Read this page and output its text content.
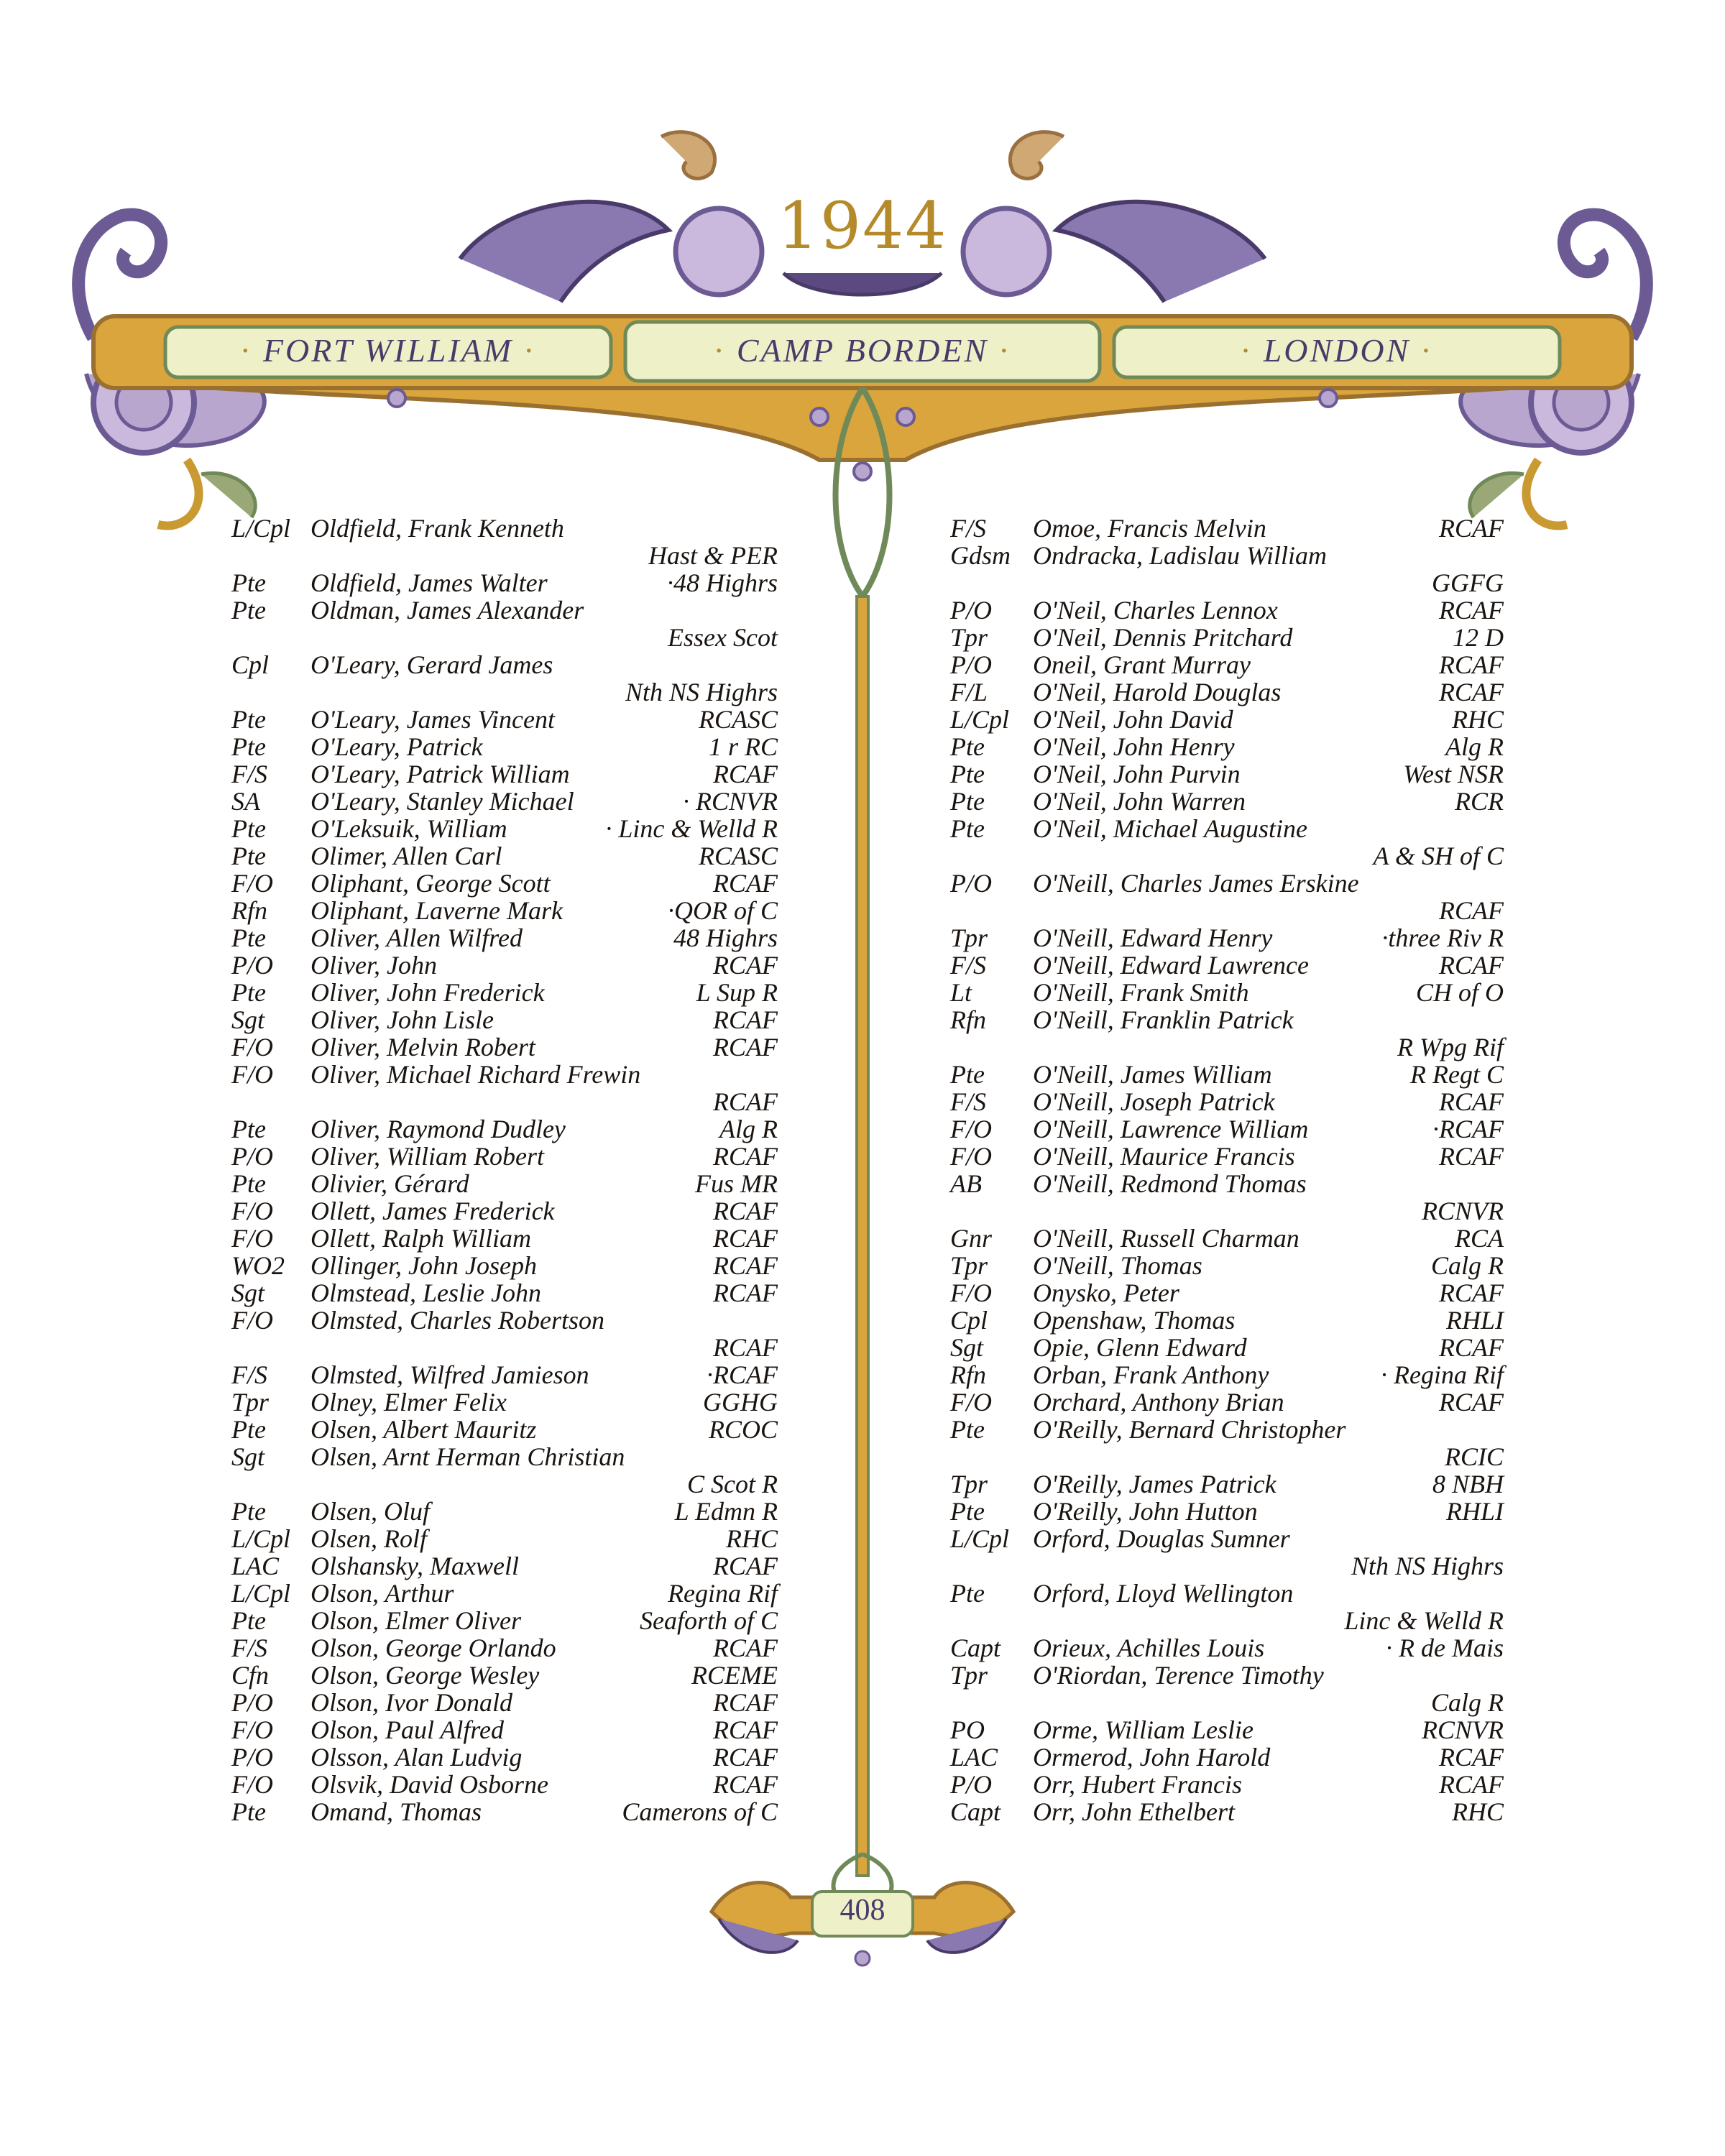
1944
· FORT WILLIAM ·	· CAMP BORDEN ·	· LONDON ·
L/Cpl Oldfield, Frank Kenneth
Hast & PER
Pte	Oldfield, James Walter	·48 Highrs
Pte	Oldman, James Alexander
Essex Scot
Cpl	O'Leary, Gerard James
Nth NS Highrs
Pte	O'Leary, James Vincent	RCASC
Pte	O'Leary, Patrick	1 r RC
F/S	O'Leary, Patrick William	RCAF
SA	O'Leary, Stanley Michael	· RCNVR
Pte	O'Leksuik, William	· Linc & Welld R
Pte	Olimer, Allen Carl	RCASC
F/O	Oliphant, George Scott	RCAF
Rfn	Oliphant, Laverne Mark	·QOR of C
Pte	Oliver, Allen Wilfred	48 Highrs
P/O	Oliver, John	RCAF
Pte	Oliver, John Frederick	L Sup R
Sgt	Oliver, John Lisle	RCAF
F/O	Oliver, Melvin Robert	RCAF
F/O	Oliver, Michael Richard Frewin
RCAF
Pte	Oliver, Raymond Dudley	Alg R
P/O	Oliver, William Robert	RCAF
Pte	Olivier, Gérard	Fus MR
F/O	Ollett, James Frederick	RCAF
F/O	Ollett, Ralph William	RCAF
WO2	Ollinger, John Joseph	RCAF
Sgt	Olmstead, Leslie John	RCAF
F/O	Olmsted, Charles Robertson
RCAF
F/S	Olmsted, Wilfred Jamieson	·RCAF
Tpr	Olney, Elmer Felix	GGHG
Pte	Olsen, Albert Mauritz	RCOC
Sgt	Olsen, Arnt Herman Christian
C Scot R
Pte	Olsen, Oluf	L Edmn R
L/Cpl Olsen, Rolf	RHC
LAC	Olshansky, Maxwell	RCAF
L/Cpl Olson, Arthur	Regina Rif
Pte	Olson, Elmer Oliver	Seaforth of C
F/S	Olson, George Orlando	RCAF
Cfn	Olson, George Wesley	RCEME
P/O	Olson, Ivor Donald	RCAF
F/O	Olson, Paul Alfred	RCAF
P/O	Olsson, Alan Ludvig	RCAF
F/O	Olsvik, David Osborne	RCAF
Pte	Omand, Thomas	Camerons of C
F/S	Omoe, Francis Melvin	RCAF
Gdsm Ondracka, Ladislau William
GGFG
P/O	O'Neil, Charles Lennox	RCAF
Tpr	O'Neil, Dennis Pritchard	12 D
P/O	Oneil, Grant Murray	RCAF
F/L	O'Neil, Harold Douglas	RCAF
L/Cpl O'Neil, John David	RHC
Pte	O'Neil, John Henry	Alg R
Pte	O'Neil, John Purvin	West NSR
Pte	O'Neil, John Warren	RCR
Pte	O'Neil, Michael Augustine
A & SH of C
P/O	O'Neill, Charles James Erskine
RCAF
Tpr	O'Neill, Edward Henry	·three Riv R
F/S	O'Neill, Edward Lawrence	RCAF
Lt	O'Neill, Frank Smith	CH of O
Rfn	O'Neill, Franklin Patrick
R Wpg Rif
Pte	O'Neill, James William	R Regt C
F/S	O'Neill, Joseph Patrick	RCAF
F/O	O'Neill, Lawrence William	·RCAF
F/O	O'Neill, Maurice Francis	RCAF
AB	O'Neill, Redmond Thomas
RCNVR
Gnr	O'Neill, Russell Charman	RCA
Tpr	O'Neill, Thomas	Calg R
F/O	Onysko, Peter	RCAF
Cpl	Openshaw, Thomas	RHLI
Sgt	Opie, Glenn Edward	RCAF
Rfn	Orban, Frank Anthony	· Regina Rif
F/O	Orchard, Anthony Brian	RCAF
Pte	O'Reilly, Bernard Christopher
RCIC
Tpr	O'Reilly, James Patrick	8 NBH
Pte	O'Reilly, John Hutton	RHLI
L/Cpl Orford, Douglas Sumner
Nth NS Highrs
Pte	Orford, Lloyd Wellington
Linc & Welld R
Capt	Orieux, Achilles Louis	· R de Mais
Tpr	O'Riordan, Terence Timothy
Calg R
PO	Orme, William Leslie	RCNVR
LAC	Ormerod, John Harold	RCAF
P/O	Orr, Hubert Francis	RCAF
Capt	Orr, John Ethelbert	RHC
408
